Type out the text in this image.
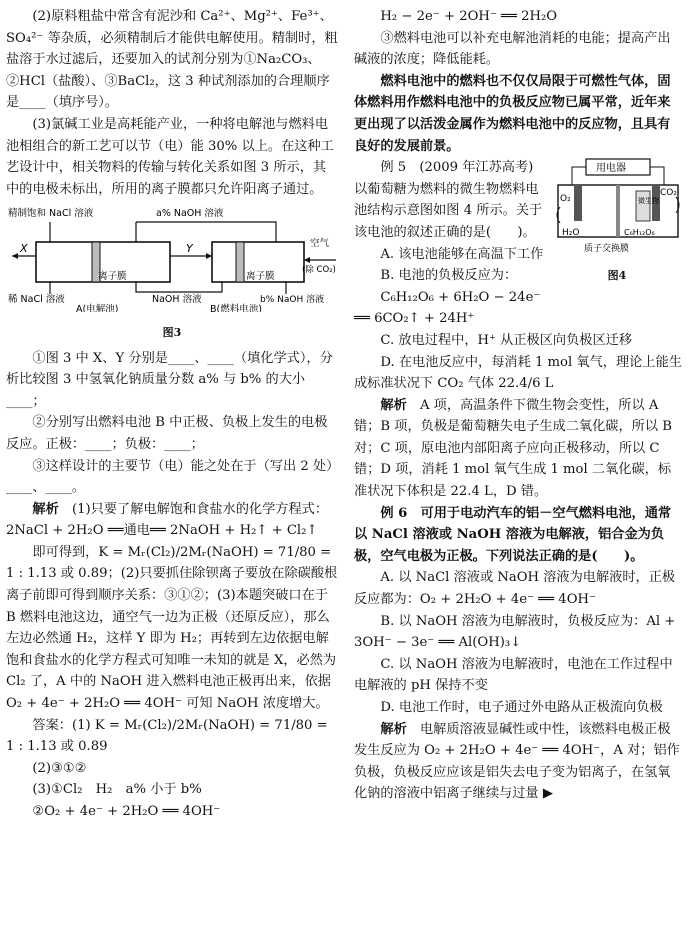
(2)原料粗盐中常含有泥沙和 Ca²⁺、Mg²⁺、Fe³⁺、SO₄²⁻ 等杂质，必须精制后才能供电解使用。精制时，粗盐溶于水过滤后，还要加入的试剂分别为①Na₂CO₃、②HCl（盐酸）、③BaCl₂，这 3 种试剂添加的合理顺序是____（填序号）。

(3)氯碱工业是高耗能产业，一种将电解池与燃料电池相组合的新工艺可以节（电）能 30% 以上。在这种工艺设计中，相关物料的传输与转化关系如图 3 所示，其中的电极未标出，所用的离子膜都只允许阳离子通过。

精制饱和 NaCl 溶液	a% NaOH 溶液
X	Y	空气
(除 CO₂)
离子膜	离子膜
稀 NaCl 溶液	NaOH 溶液	b% NaOH 溶液
A(电解池)	B(燃料电池)
图3

①图 3 中 X、Y 分别是____、____（填化学式），分析比较图 3 中氢氧化钠质量分数 a% 与 b% 的大小____；

②分别写出燃料电池 B 中正极、负极上发生的电极反应。正极：____；负极：____；

③这样设计的主要节（电）能之处在于（写出 2 处）____、____。

解析　 (1)只要了解电解饱和食盐水的化学方程式：

2NaCl + 2H₂O ══通电══ 2NaOH + H₂↑ + Cl₂↑

即可得到，K = Mᵣ(Cl₂)/2Mᵣ(NaOH) = 71/80 = 1 : 1.13 或 0.89；(2)只要抓住除钡离子要放在除碳酸根离子前即可得到顺序关系：③①②；(3)本题突破口在于 B 燃料电池这边，通空气一边为正极（还原反应），那么左边必然通 H₂，这样 Y 即为 H₂；再转到左边依据电解饱和食盐水的化学方程式可知唯一未知的就是 X，必然为 Cl₂ 了，A 中的 NaOH 进入燃料电池正极再出来，依据 O₂ + 4e⁻ + 2H₂O ══ 4OH⁻ 可知 NaOH 浓度增大。

答案：(1) K = Mᵣ(Cl₂)/2Mᵣ(NaOH) = 71/80 = 1 : 1.13 或 0.89

(2)③①②

(3)①Cl₂　H₂　a% 小于 b%

②O₂ + 4e⁻ + 2H₂O ══ 4OH⁻

H₂ − 2e⁻ + 2OH⁻ ══ 2H₂O

③燃料电池可以补充电解池消耗的电能；提高产出碱液的浓度；降低能耗。

燃料电池中的燃料也不仅仅局限于可燃性气体，固体燃料用作燃料电池中的负极反应物已属平常，近年来更出现了以活泼金属作为燃料电池中的反应物，且具有良好的发展前景。

用电器
O₂
CO₂
微生物
H₂O	C₆H₁₂O₆
质子交换膜
图4

例 5　(2009 年江苏高考)以葡萄糖为燃料的微生物燃料电池结构示意图如图 4 所示。关于该电池的叙述正确的是(　　)。

A. 该电池能够在高温下工作

B. 电池的负极反应为：

C₆H₁₂O₆ + 6H₂O − 24e⁻ ══ 6CO₂↑ + 24H⁺

C. 放电过程中，H⁺ 从正极区向负极区迁移

D. 在电池反应中，每消耗 1 mol 氧气，理论上能生成标准状况下 CO₂ 气体 22.4/6 L

解析　 A 项，高温条件下微生物会变性，所以 A 错；B 项，负极是葡萄糖失电子生成二氧化碳，所以 B 对；C 项，原电池内部阳离子应向正极移动，所以 C 错；D 项，消耗 1 mol 氧气生成 1 mol 二氧化碳，标准状况下体积是 22.4 L，D 错。

例 6　可用于电动汽车的铝－空气燃料电池，通常以 NaCl 溶液或 NaOH 溶液为电解液，铝合金为负极，空气电极为正极。下列说法正确的是(　　)。

A. 以 NaCl 溶液或 NaOH 溶液为电解液时，正极反应都为：O₂ + 2H₂O + 4e⁻ ══ 4OH⁻

B. 以 NaOH 溶液为电解液时，负极反应为：Al + 3OH⁻ − 3e⁻ ══ Al(OH)₃↓

C. 以 NaOH 溶液为电解液时，电池在工作过程中电解液的 pH 保持不变

D. 电池工作时，电子通过外电路从正极流向负极

解析　 电解质溶液显碱性或中性，该燃料电极正极发生反应为 O₂ + 2H₂O + 4e⁻ ══ 4OH⁻，A 对；铝作负极，负极反应应该是铝失去电子变为铝离子，在氢氧化钠的溶液中铝离子继续与过量 ▶
